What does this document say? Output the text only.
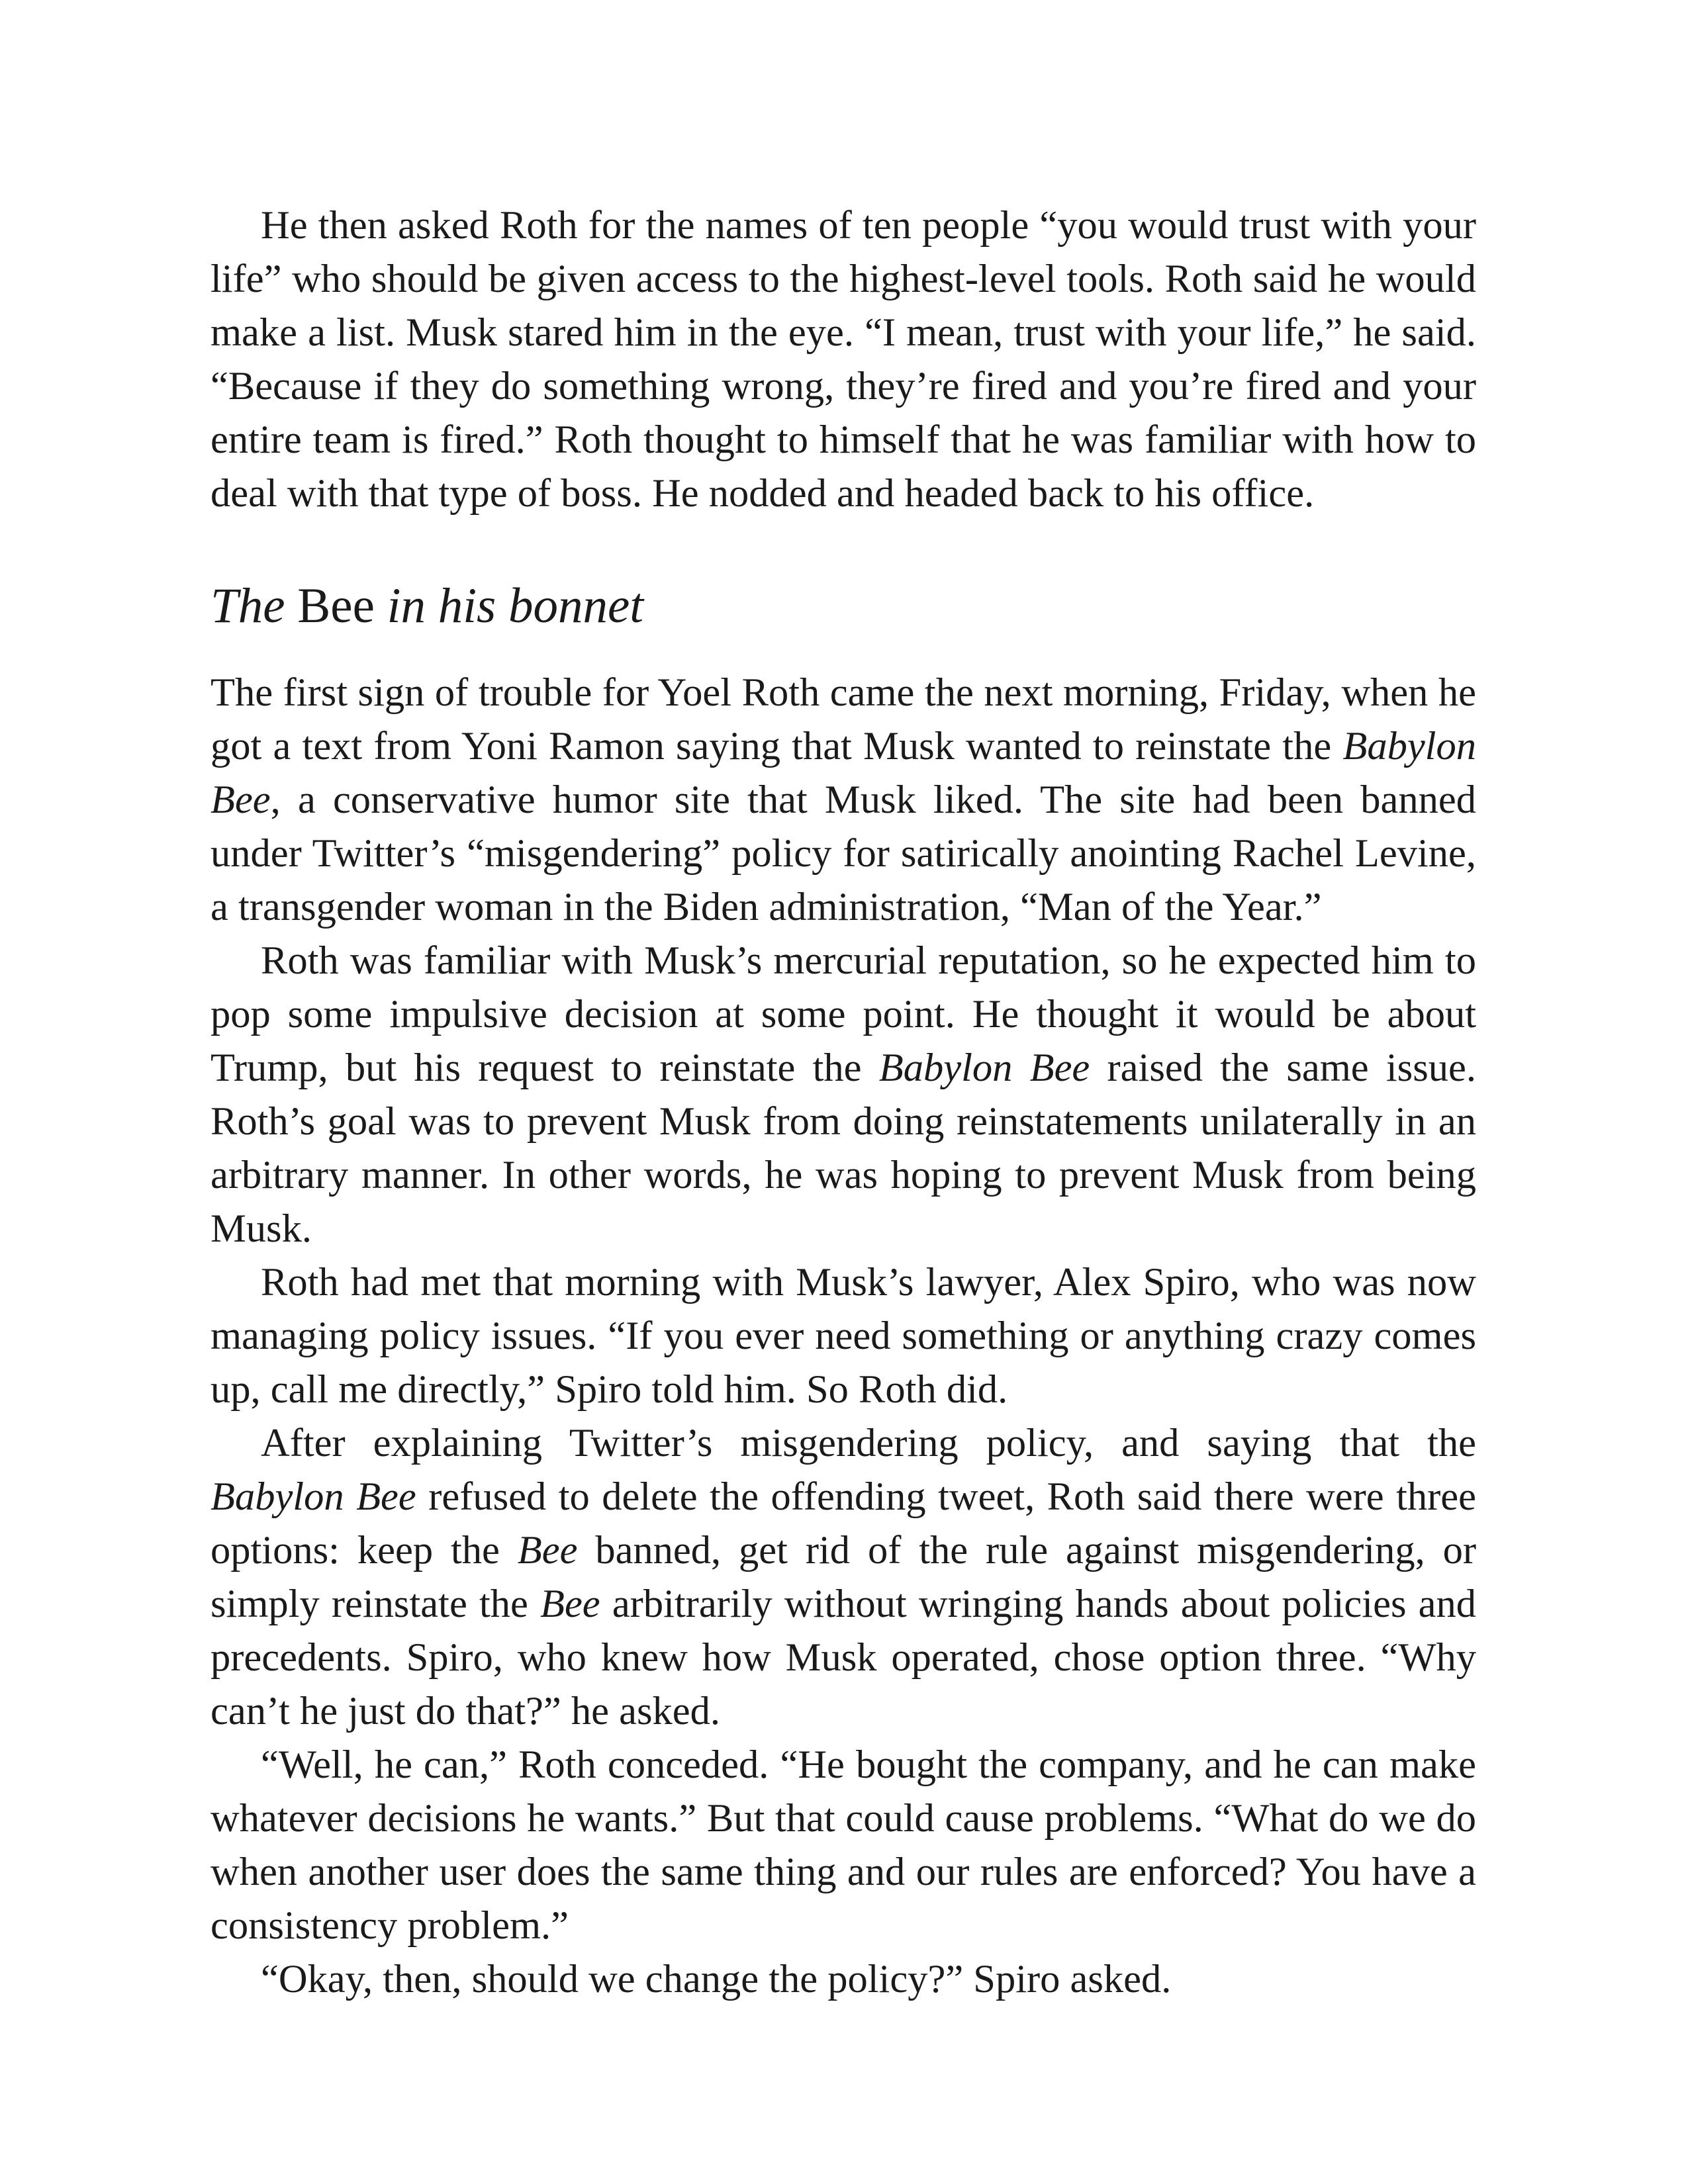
He then asked Roth for the names of ten people “you would trust with your life” who should be given access to the highest-level tools. Roth said he would make a list. Musk stared him in the eye. “I mean, trust with your life,” he said. “Because if they do something wrong, they’re fired and you’re fired and your entire team is fired.” Roth thought to himself that he was familiar with how to deal with that type of boss. He nodded and headed back to his office.

The Bee in his bonnet

The first sign of trouble for Yoel Roth came the next morning, Friday, when he got a text from Yoni Ramon saying that Musk wanted to reinstate the Babylon Bee, a conservative humor site that Musk liked. The site had been banned under Twitter’s “misgendering” policy for satirically anointing Rachel Levine, a transgender woman in the Biden administration, “Man of the Year.”

Roth was familiar with Musk’s mercurial reputation, so he expected him to pop some impulsive decision at some point. He thought it would be about Trump, but his request to reinstate the Babylon Bee raised the same issue. Roth’s goal was to prevent Musk from doing reinstatements unilaterally in an arbitrary manner. In other words, he was hoping to prevent Musk from being Musk.

Roth had met that morning with Musk’s lawyer, Alex Spiro, who was now managing policy issues. “If you ever need something or anything crazy comes up, call me directly,” Spiro told him. So Roth did.

After explaining Twitter’s misgendering policy, and saying that the Babylon Bee refused to delete the offending tweet, Roth said there were three options: keep the Bee banned, get rid of the rule against misgendering, or simply reinstate the Bee arbitrarily without wringing hands about policies and precedents. Spiro, who knew how Musk operated, chose option three. “Why can’t he just do that?” he asked.

“Well, he can,” Roth conceded. “He bought the company, and he can make whatever decisions he wants.” But that could cause problems. “What do we do when another user does the same thing and our rules are enforced? You have a consistency problem.”

“Okay, then, should we change the policy?” Spiro asked.
